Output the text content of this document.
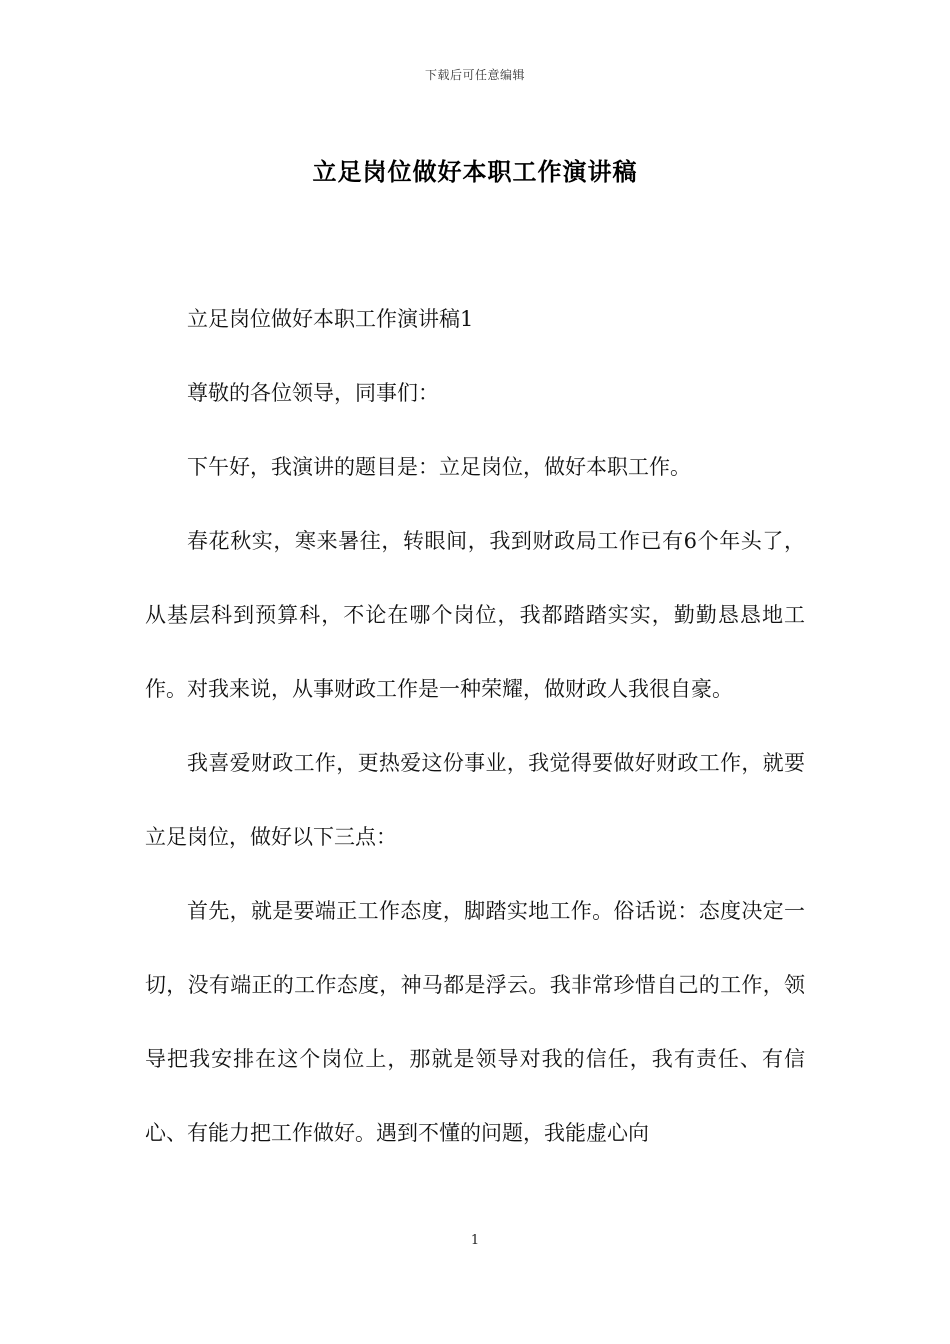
下载后可任意编辑
立足岗位做好本职工作演讲稿

立足岗位做好本职工作演讲稿1

尊敬的各位领导，同事们：

下午好，我演讲的题目是：立足岗位，做好本职工作。

春花秋实，寒来暑往，转眼间，我到财政局工作已有6个年头了，从基层科到预算科，不论在哪个岗位，我都踏踏实实，勤勤恳恳地工作。对我来说，从事财政工作是一种荣耀，做财政人我很自豪。

我喜爱财政工作，更热爱这份事业，我觉得要做好财政工作，就要立足岗位，做好以下三点：

首先，就是要端正工作态度，脚踏实地工作。俗话说：态度决定一切，没有端正的工作态度，神马都是浮云。我非常珍惜自己的工作，领导把我安排在这个岗位上，那就是领导对我的信任，我有责任、有信心、有能力把工作做好。遇到不懂的问题，我能虚心向

1
